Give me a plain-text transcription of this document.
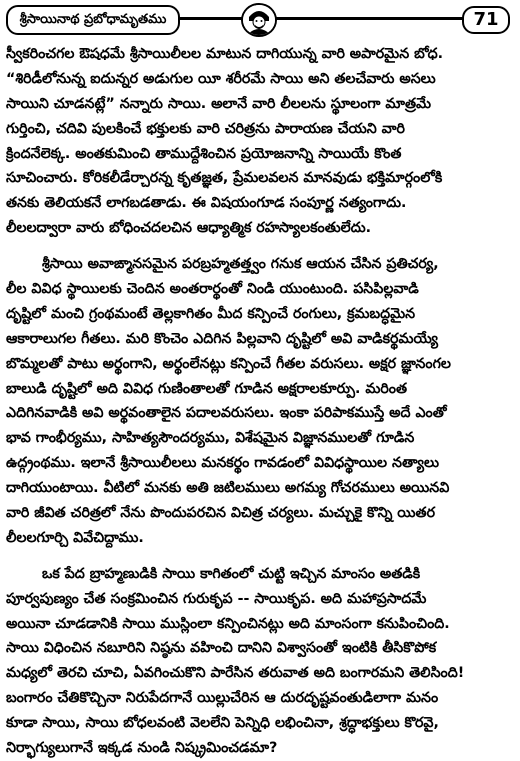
శ్రీసాయినాథ ప్రబోధామృతము	71
స్వీకరించగల ఔషధమే శ్రీసాయిలీలల మాటున దాగియున్న వారి అపారమైన బోధ.
“శిరిడీలోనున్న ఐదున్నర అడుగుల యీ శరీరమే సాయి అని తలచేవారు అసలు
సాయిని చూడనట్లే” నన్నారు సాయి. అలానే వారి లీలలను స్థూలంగా మాత్రమే
గుర్తించి, చదివి పులకించే భక్తులకు వారి చరిత్రను పారాయణ చేయని వారి
క్రిందనేలెక్క. అంతకుమించి తాముద్దేశించిన ప్రయోజనాన్ని సాయియే కొంత
సూచించారు. కోరికలీడేర్చారన్న కృతజ్ఞత, ప్రేమలవలన మానవుడు భక్తిమార్గంలోకి
తనకు తెలియకనే లాగబడతాడు. ఈ విషయంగూడ సంపూర్ణ నత్యంగాదు.
లీలలద్వారా వారు బోధించదలచిన ఆధ్యాత్మిక రహస్యాలకంతులేదు.
శ్రీసాయి అవాఙ్మానసమైన పరబ్రహ్మతత్త్వం గనుక ఆయన చేసిన ప్రతిచర్య,
లీల వివిధ స్థాయిలకు చెందిన అంతరార్థంతో నిండి యుంటుంది. పసిపిల్లవాడి
దృష్టిలో మంచి గ్రంథమంటే తెల్లకాగితం మీద కన్పించే రంగులు, క్రమబద్ధమైన
ఆకారాలుగల గీతలు. మరి కొంచెం ఎదిగిన పిల్లవాని దృష్టిలో అవి వాడికర్థమయ్యే
బొమ్మలతో పాటు అర్థంగాని, అర్థంలేనట్లు కన్పించే గీతల వరుసలు. అక్షర జ్ఞానంగల
బాలుడి దృష్టిలో అది వివిధ గుణింతాలతో గూడిన అక్షరాలకూర్పు. మరింత
ఎదిగినవాడికి అవి అర్థవంతాలైన పదాలవరుసలు. ఇంకా పరిపాకముస్తే అదే ఎంతో
భావ గాంభీర్యము, సాహిత్యసౌందర్యము, విశేషమైన విజ్ఞానములతో గూడిన
ఉద్గ్రంథము. ఇలానే శ్రీసాయిలీలలు మనకర్థం గావడంలో వివిధస్థాయిల నత్యాలు
దాగియుంటాయి. వీటిలో మనకు అతి జటిలములు అగమ్య గోచరములు అయినవి
వారి జీవిత చరిత్రలో నేను పొందుపరచిన విచిత్ర చర్యలు. మచ్చుకై కొన్ని యితర
లీలలగూర్చి వివేచిద్దాము.
ఒక పేద బ్రాహ్మణుడికి సాయి కాగితంలో చుట్టి ఇచ్చిన మాంసం అతడికి
పూర్వపుణ్యం చేత సంక్రమించిన గురుకృప -- సాయికృప. అది మహాప్రసాదమే
అయినా చూడడానికి సాయి ముస్లింలా కన్పించినట్లు అది మాంసంగా కనుపించింది.
సాయి విధించిన నబూరిని నిష్ఠను వహించి దానిని విశ్వాసంతో ఇంటికి తీసికొపోక
మధ్యలో తెరచి చూచి, ఏవగించుకొని పారేసిన తరువాత అది బంగారమని తెలిసింది!
బంగారం చేతికొచ్చినా నిరుపేదగానే యిల్లుచేరిన ఆ దురదృష్టవంతుడిలాగా మనం
కూడా సాయి, సాయి బోధలవంటి వెలలేని పెన్నిధి లభించినా, శ్రద్ధాభక్తులు కొరవై,
నిర్భాగ్యులుగానే ఇక్కడ నుండి నిష్క్రమించడమా?
